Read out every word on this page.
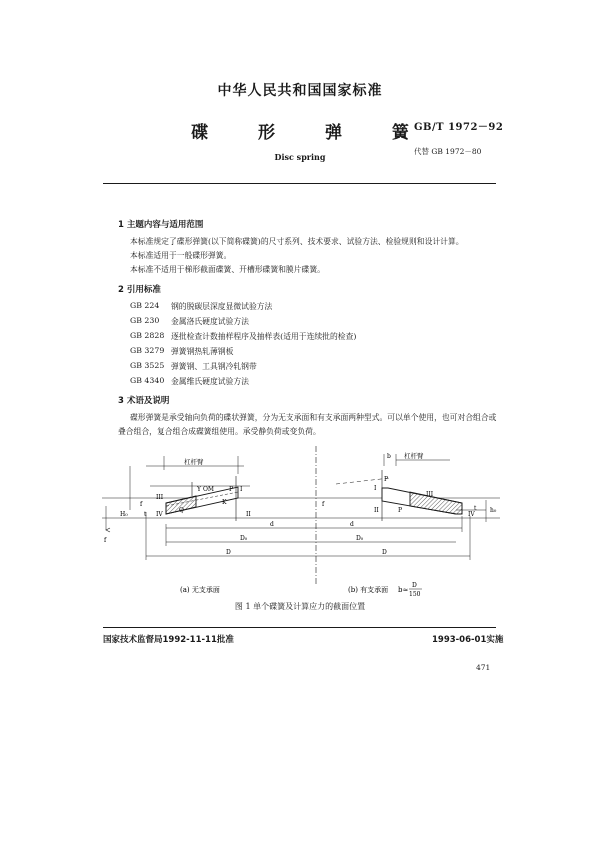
中华人民共和国国家标准
碟 形 弹 簧
Disc spring
GB/T 1972－92
代替 GB 1972－80
1 主题内容与适用范围
本标准规定了碟形弹簧(以下简称碟簧)的尺寸系列、技术要求、试验方法、检验规则和设计计算。
本标准适用于一般碟形弹簧。
本标准不适用于梯形截面碟簧、开槽形碟簧和膜片碟簧。
2 引用标准
GB 224 钢的脱碳层深度显微试验方法
GB 230 金属洛氏硬度试验方法
GB 2828 逐批检查计数抽样程序及抽样表(适用于连续批的检查)
GB 3279 弹簧钢热轧薄钢板
GB 3525 弹簧钢、工具钢冷轧钢带
GB 4340 金属维氏硬度试验方法
3 术语及说明
碟形弹簧是承受轴向负荷的碟状弹簧，分为无支承面和有支承面两种型式。可以单个使用，也可对合组合或叠合组合，复合组合成碟簧组使用。承受静负荷或变负荷。
杠杆臂
Y OM P I
III
Q
K
II
IV
H₀
f
t
f
d
D₀
D
杠杆臂
b
P
I
III
P
II
IV
h₀
t
f
d
D₀
D
(a) 无支承面	(b) 有支承面 b≈
D
150
图 1 单个碟簧及计算应力的截面位置
国家技术监督局1992-11-11批准	1993-06-01实施
471
